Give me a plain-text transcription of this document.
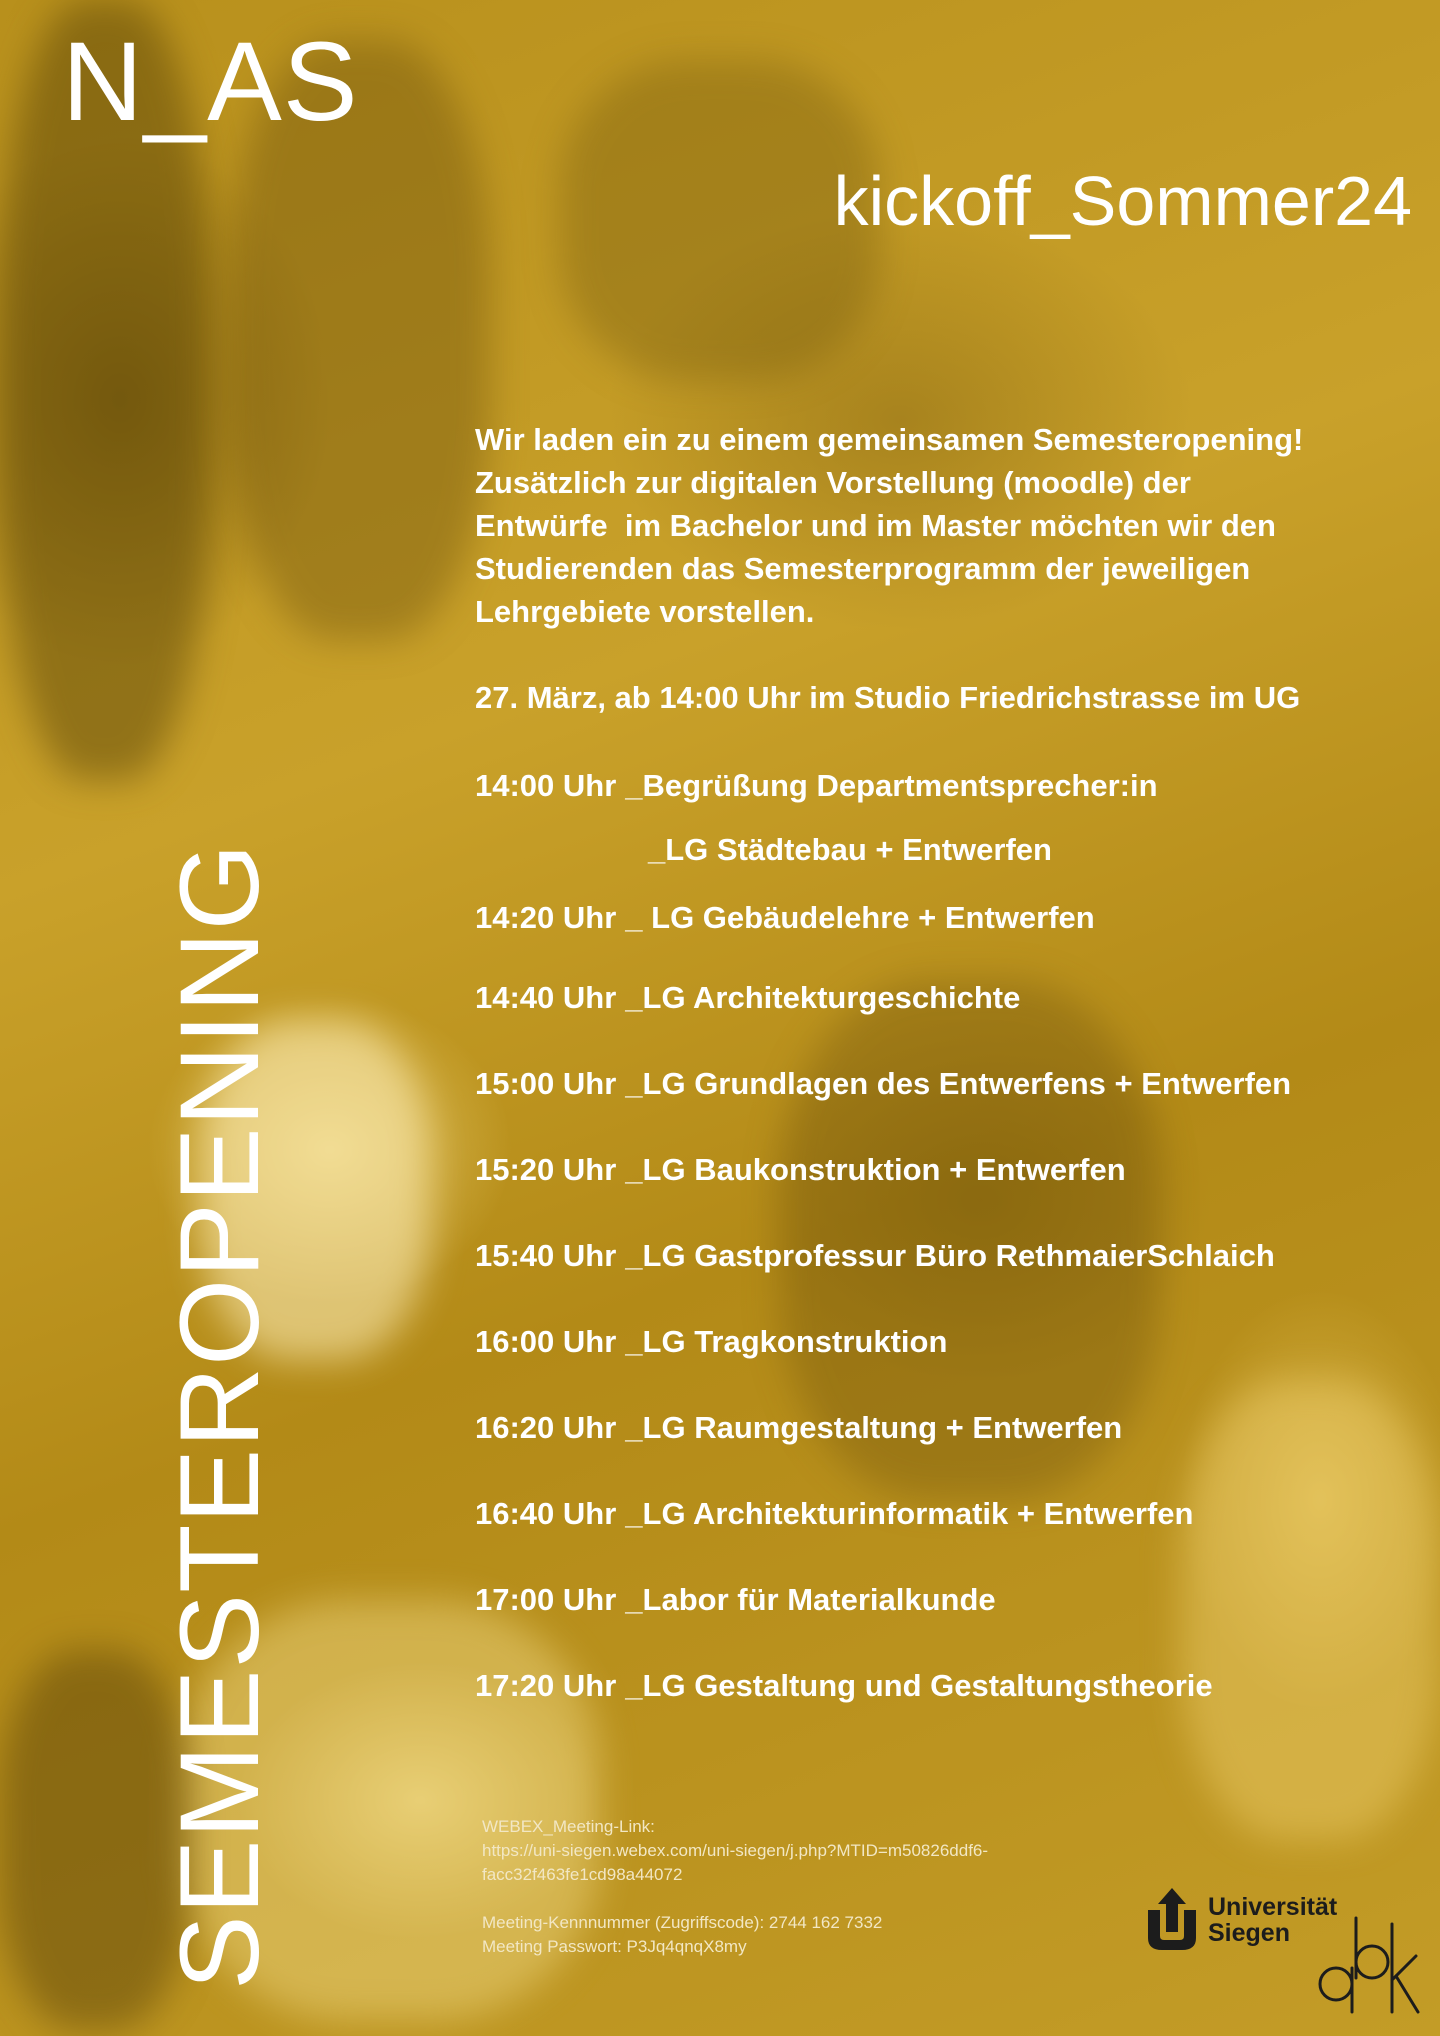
N_AS
kickoff_Sommer24
SEMESTEROPENING
Wir laden ein zu einem gemeinsamen Semesteropening!
Zusätzlich zur digitalen Vorstellung (moodle) der
Entwürfe  im Bachelor und im Master möchten wir den
Studierenden das Semesterprogramm der jeweiligen
Lehrgebiete vorstellen.

27. März, ab 14:00 Uhr im Studio Friedrichstrasse im UG

14:00 Uhr _Begrüßung Departmentsprecher:in

_LG Städtebau + Entwerfen

14:20 Uhr _ LG Gebäudelehre + Entwerfen

14:40 Uhr _LG Architekturgeschichte

15:00 Uhr _LG Grundlagen des Entwerfens + Entwerfen

15:20 Uhr _LG Baukonstruktion + Entwerfen

15:40 Uhr _LG Gastprofessur Büro RethmaierSchlaich

16:00 Uhr _LG Tragkonstruktion

16:20 Uhr _LG Raumgestaltung + Entwerfen

16:40 Uhr _LG Architekturinformatik + Entwerfen

17:00 Uhr _Labor für Materialkunde

17:20 Uhr _LG Gestaltung und Gestaltungstheorie

WEBEX_Meeting-Link:

https://uni-siegen.webex.com/uni-siegen/j.php?MTID=m50826ddf6-

facc32f463fe1cd98a44072

Meeting-Kennnummer (Zugriffscode): 2744 162 7332

Meeting Passwort: P3Jq4qnqX8my

Universität
Siegen
